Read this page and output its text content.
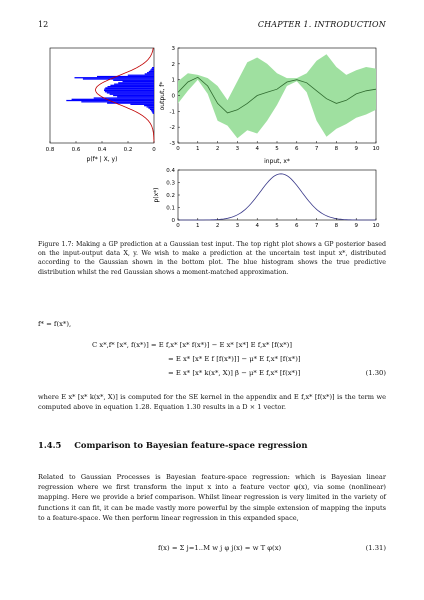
12	CHAPTER 1. INTRODUCTION
0.8	0.6	0.4	0.2	0
p(f* | X, y)
0	1	2	3	4	5	6	7	8	9	10
-3
-2
-1
0
1
2
3
input, x*
output, f*
0	1	2	3	4	5	6	7	8	9	10
0
0.1
0.2
0.3
0.4
p(x*)
Figure 1.7: Making a GP prediction at a Gaussian test input. The top right plot shows a GP posterior based on the input-output data X, y. We wish to make a prediction at the uncertain test input x*, distributed according to the Gaussian shown in the bottom plot. The blue histogram shows the true predictive distribution whilst the red Gaussian shows a moment-matched approximation.
f* = f(x*),
C x*,f* [x*, f(x*)] = E f,x* [x* f(x*)] − E x* [x*] E f,x* [f(x*)]
= E x* [x* E f [f(x*)]] − μ* E f,x* [f(x*)]
= E x* [x* k(x*, X)] β − μ* E f,x* [f(x*)]	(1.30)
where E x* [x* k(x*, X)] is computed for the SE kernel in the appendix and E f,x* [f(x*)] is the term we computed above in equation 1.28. Equation 1.30 results in a D × 1 vector.
1.4.5 Comparison to Bayesian feature-space regression
Related to Gaussian Processes is Bayesian feature-space regression: which is Bayesian linear regression where we first transform the input x into a feature vector φ(x), via some (nonlinear) mapping. Here we provide a brief comparison. Whilst linear regression is very limited in the variety of functions it can fit, it can be made vastly more powerful by the simple extension of mapping the inputs to a feature-space. We then perform linear regression in this expanded space,
f(x) = Σ j=1..M w j φ j(x) = w T φ(x)	(1.31)
